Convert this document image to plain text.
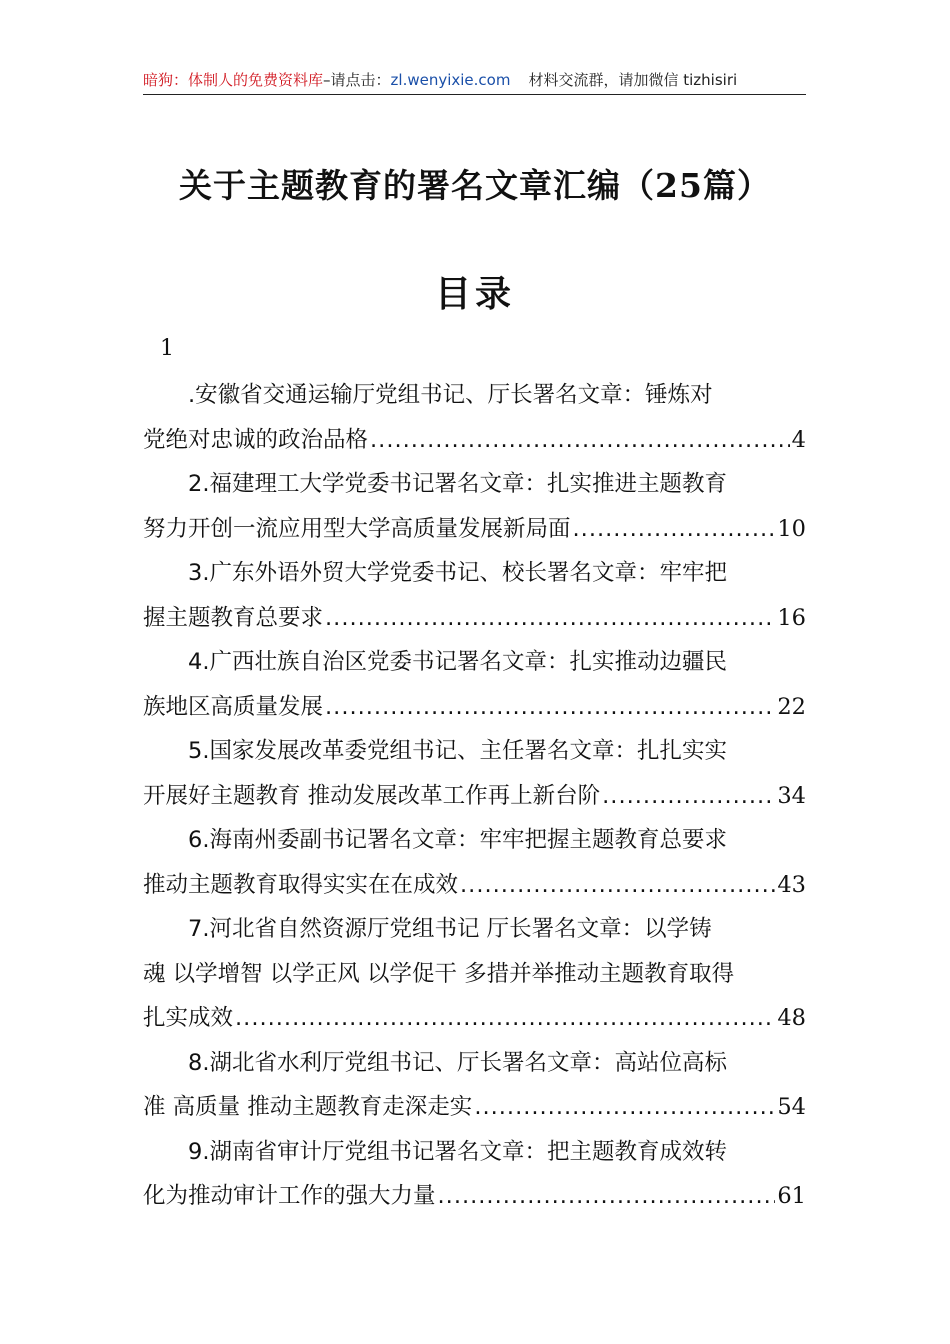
暗狗：体制人的免费资料库–请点击：zl.wenyixie.com 材料交流群，请加微信 tizhisiri
关于主题教育的署名文章汇编（25篇）
目录
1
.安徽省交通运输厅党组书记、厅长署名文章：锤炼对
党绝对忠诚的政治品格 .....	4
2.福建理工大学党委书记署名文章：扎实推进主题教育
努力开创一流应用型大学高质量发展新局面 .....	10
3.广东外语外贸大学党委书记、校长署名文章：牢牢把
握主题教育总要求 .....	16
4.广西壮族自治区党委书记署名文章：扎实推动边疆民
族地区高质量发展 .....	22
5.国家发展改革委党组书记、主任署名文章：扎扎实实
开展好主题教育 推动发展改革工作再上新台阶 .....	34
6.海南州委副书记署名文章：牢牢把握主题教育总要求
推动主题教育取得实实在在成效 .....	43
7.河北省自然资源厅党组书记 厅长署名文章：以学铸
魂 以学增智 以学正风 以学促干 多措并举推动主题教育取得
扎实成效 .....	48
8.湖北省水利厅党组书记、厅长署名文章：高站位高标
准 高质量 推动主题教育走深走实 .....	54
9.湖南省审计厅党组书记署名文章：把主题教育成效转
化为推动审计工作的强大力量 .....	61
